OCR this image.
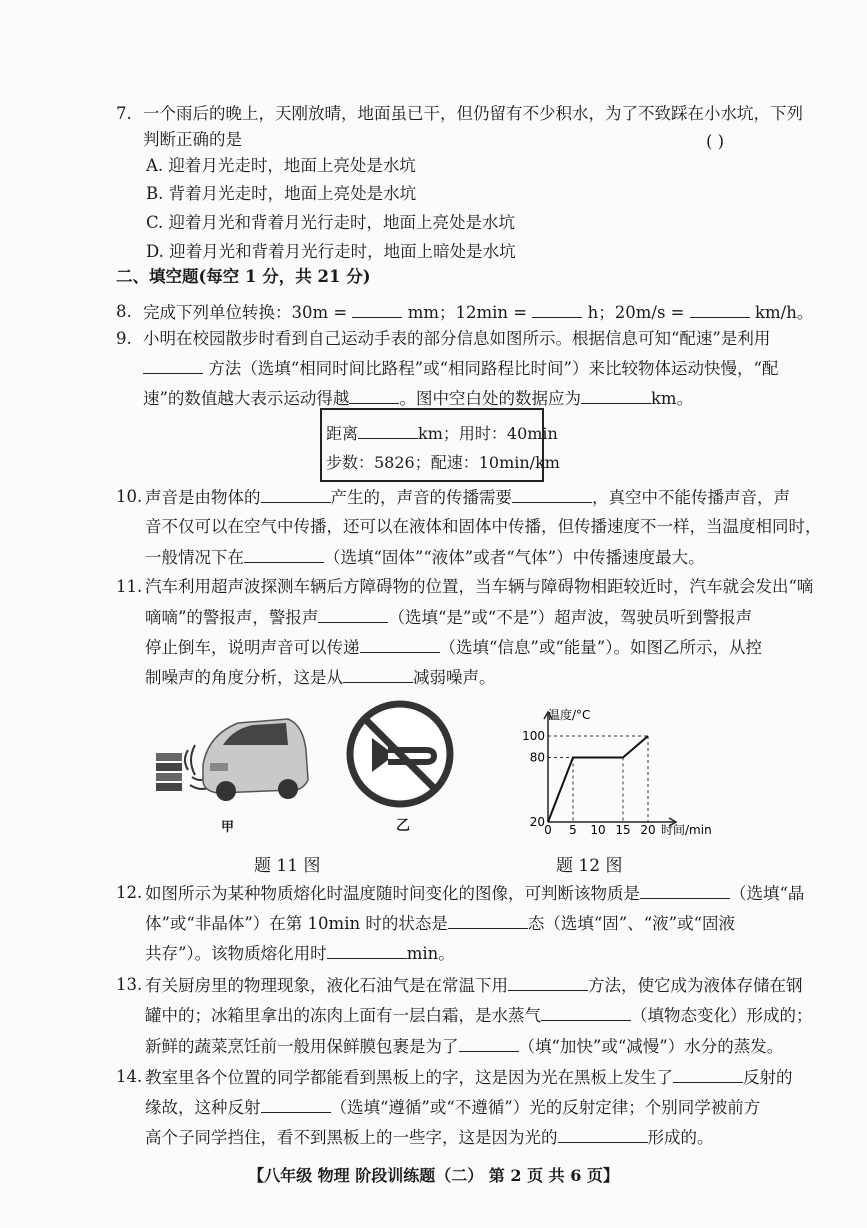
7. 一个雨后的晚上，天刚放晴，地面虽已干，但仍留有不少积水，为了不致踩在小水坑，下列
判断正确的是	( )
A. 迎着月光走时，地面上亮处是水坑
B. 背着月光走时，地面上亮处是水坑
C. 迎着月光和背着月光行走时，地面上亮处是水坑
D. 迎着月光和背着月光行走时，地面上暗处是水坑
二、填空题(每空 1 分，共 21 分)
8. 完成下列单位转换：30m =	mm；12min =	h；20m/s =	km/h。
9. 小明在校园散步时看到自己运动手表的部分信息如图所示。根据信息可知“配速”是利用
方法（选填“相同时间比路程”或“相同路程比时间”）来比较物体运动快慢，“配
速”的数值越大表示运动得越	。图中空白处的数据应为	km。
距离	km；用时：40min
步数：5826；配速：10min/km
10. 声音是由物体的	产生的，声音的传播需要	，真空中不能传播声音，声
音不仅可以在空气中传播，还可以在液体和固体中传播，但传播速度不一样，当温度相同时，
一般情况下在	（选填“固体”“液体”或者“气体”）中传播速度最大。
11. 汽车利用超声波探测车辆后方障碍物的位置，当车辆与障碍物相距较近时，汽车就会发出“嘀
嘀嘀”的警报声，警报声	（选填“是”或“不是”）超声波，驾驶员听到警报声
停止倒车，说明声音可以传递	（选填“信息”或“能量”）。如图乙所示，从控
制噪声的角度分析，这是从	减弱噪声。
甲	乙
温度/°C
时间/min
0 5 10 15 20
20
80
100
题 11 图	题 12 图
12. 如图所示为某种物质熔化时温度随时间变化的图像，可判断该物质是	（选填“晶
体”或“非晶体”）在第 10min 时的状态是	态（选填“固”、“液”或“固液
共存”）。该物质熔化用时	min。
13. 有关厨房里的物理现象，液化石油气是在常温下用	方法，使它成为液体存储在钢
罐中的；冰箱里拿出的冻肉上面有一层白霜，是水蒸气	（填物态变化）形成的；
新鲜的蔬菜烹饪前一般用保鲜膜包裹是为了	（填“加快”或“减慢”）水分的蒸发。
14. 教室里各个位置的同学都能看到黑板上的字，这是因为光在黑板上发生了	反射的
缘故，这种反射	（选填“遵循”或“不遵循”）光的反射定律；个别同学被前方
高个子同学挡住，看不到黑板上的一些字，这是因为光的	形成的。
【八年级 物理 阶段训练题（二） 第 2 页 共 6 页】
